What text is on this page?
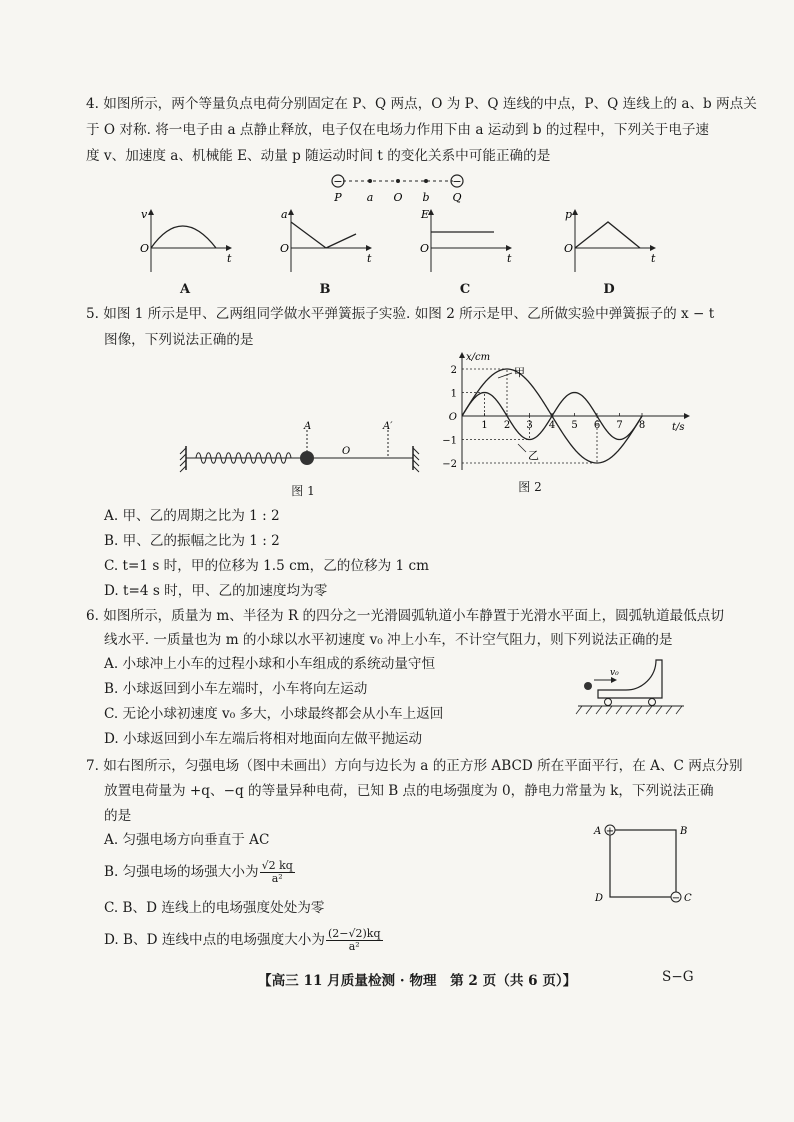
4. 如图所示，两个等量负点电荷分别固定在 P、Q 两点，O 为 P、Q 连线的中点，P、Q 连线上的 a、b 两点关
于 O 对称. 将一电子由 a 点静止释放，电子仅在电场力作用下由 a 运动到 b 的过程中，下列关于电子速
度 v、加速度 a、机械能 E、动量 p 随运动时间 t 的变化关系中可能正确的是
−	−
P a O b Q
v
O
t
A
a
O
t
B
E
O
t
C
p
O
t
D
5. 如图 1 所示是甲、乙两组同学做水平弹簧振子实验. 如图 2 所示是甲、乙所做实验中弹簧振子的 x − t
图像，下列说法正确的是
A	A′
O
图 1
x/cm
t/s
2
1
O
−1
−2
1 2 3 4 5 6 7 8
甲
乙
图 2
A. 甲、乙的周期之比为 1 : 2
B. 甲、乙的振幅之比为 1 : 2
C. t=1 s 时，甲的位移为 1.5 cm，乙的位移为 1 cm
D. t=4 s 时，甲、乙的加速度均为零
6. 如图所示，质量为 m、半径为 R 的四分之一光滑圆弧轨道小车静置于光滑水平面上，圆弧轨道最低点切
线水平. 一质量也为 m 的小球以水平初速度 v₀ 冲上小车，不计空气阻力，则下列说法正确的是
A. 小球冲上小车的过程小球和小车组成的系统动量守恒
B. 小球返回到小车左端时，小车将向左运动
C. 无论小球初速度 v₀ 多大，小球最终都会从小车上返回
D. 小球返回到小车左端后将相对地面向左做平抛运动
v₀
7. 如右图所示，匀强电场（图中未画出）方向与边长为 a 的正方形 ABCD 所在平面平行，在 A、C 两点分别
放置电荷量为 +q、−q 的等量异种电荷，已知 B 点的电场强度为 0，静电力常量为 k，下列说法正确
的是
A. 匀强电场方向垂直于 AC
B. 匀强电场的场强大小为 $\frac{√2 kq}{\text{a²}}$
C. B、D 连线上的电场强度处处为零
D. B、D 连线中点的电场强度大小为 $\frac{(2-√2)kq}{\text{a²}}$
+
−
A	B
C
D
【高三 11 月质量检测 · 物理　第 2 页（共 6 页）】	S−G
